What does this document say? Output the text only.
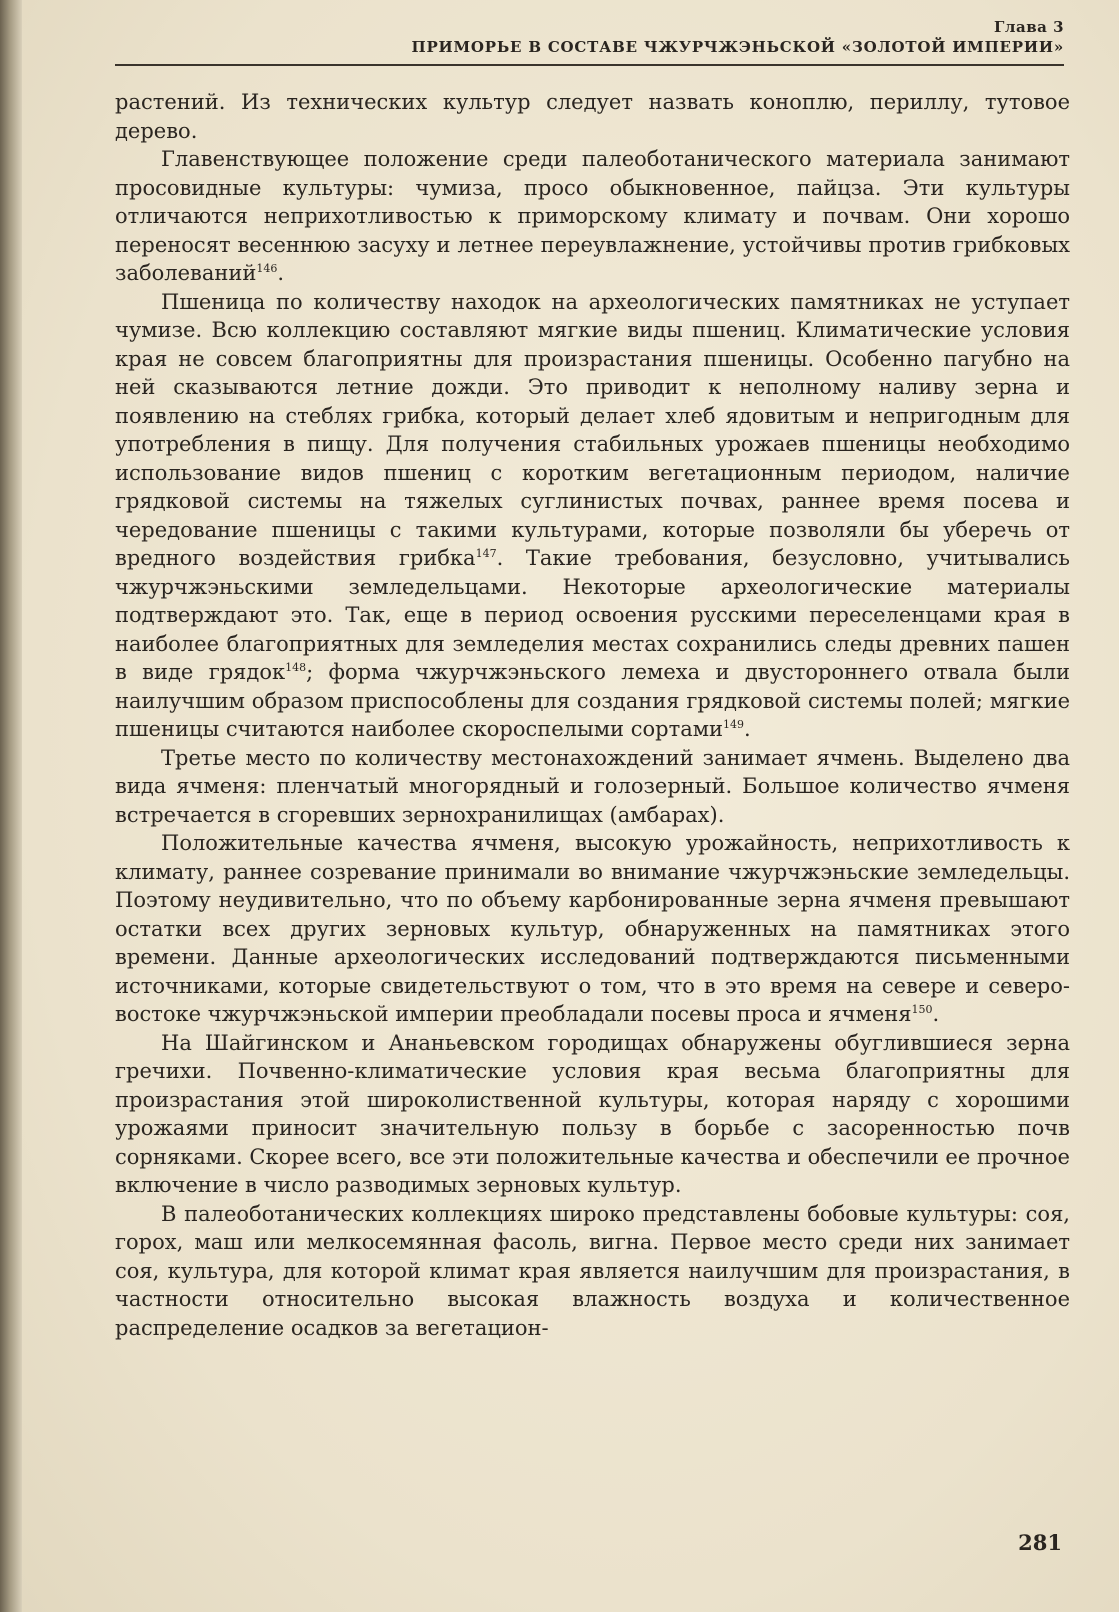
Глава 3
ПРИМОРЬЕ В СОСТАВЕ ЧЖУРЧЖЭНЬСКОЙ «ЗОЛОТОЙ ИМПЕРИИ»

растений. Из технических культур следует назвать коноплю, периллу, тутовое дерево.

Главенствующее положение среди палеоботанического материала занимают просовидные культуры: чумиза, просо обыкновенное, пайцза. Эти культуры отличаются неприхотливостью к приморскому климату и почвам. Они хорошо переносят весеннюю засуху и летнее переувлажнение, устойчивы против грибковых заболеваний$^{146}$.

Пшеница по количеству находок на археологических памятниках не уступает чумизе. Всю коллекцию составляют мягкие виды пшениц. Климатические условия края не совсем благоприятны для произрастания пшеницы. Особенно пагубно на ней сказываются летние дожди. Это приводит к неполному наливу зерна и появлению на стеблях грибка, который делает хлеб ядовитым и непригодным для употребления в пищу. Для получения стабильных урожаев пшеницы необходимо использование видов пшениц с коротким вегетационным периодом, наличие грядковой системы на тяжелых суглинистых почвах, раннее время посева и чередование пшеницы с такими культурами, которые позволяли бы уберечь от вредного воздействия грибка$^{147}$. Такие требования, безусловно, учитывались чжурчжэньскими земледельцами. Некоторые археологические материалы подтверждают это. Так, еще в период освоения русскими переселенцами края в наиболее благоприятных для земледелия местах сохранились следы древних пашен в виде грядок$^{148}$; форма чжурчжэньского лемеха и двустороннего отвала были наилучшим образом приспособлены для создания грядковой системы полей; мягкие пшеницы считаются наиболее скороспелыми сортами$^{149}$.

Третье место по количеству местонахождений занимает ячмень. Выделено два вида ячменя: пленчатый многорядный и голозерный. Большое количество ячменя встречается в сгоревших зернохранилищах (амбарах).

Положительные качества ячменя, высокую урожайность, неприхотливость к климату, раннее созревание принимали во внимание чжурчжэньские земледельцы. Поэтому неудивительно, что по объему карбонированные зерна ячменя превышают остатки всех других зерновых культур, обнаруженных на памятниках этого времени. Данные археологических исследований подтверждаются письменными источниками, которые свидетельствуют о том, что в это время на севере и северо-востоке чжурчжэньской империи преобладали посевы проса и ячменя$^{150}$.

На Шайгинском и Ананьевском городищах обнаружены обуглившиеся зерна гречихи. Почвенно-климатические условия края весьма благоприятны для произрастания этой широколиственной культуры, которая наряду с хорошими урожаями приносит значительную пользу в борьбе с засоренностью почв сорняками. Скорее всего, все эти положительные качества и обеспечили ее прочное включение в число разводимых зерновых культур.

В палеоботанических коллекциях широко представлены бобовые культуры: соя, горох, маш или мелкосемянная фасоль, вигна. Первое место среди них занимает соя, культура, для которой климат края является наилучшим для произрастания, в частности относительно высокая влажность воздуха и количественное распределение осадков за вегетацион-

281
